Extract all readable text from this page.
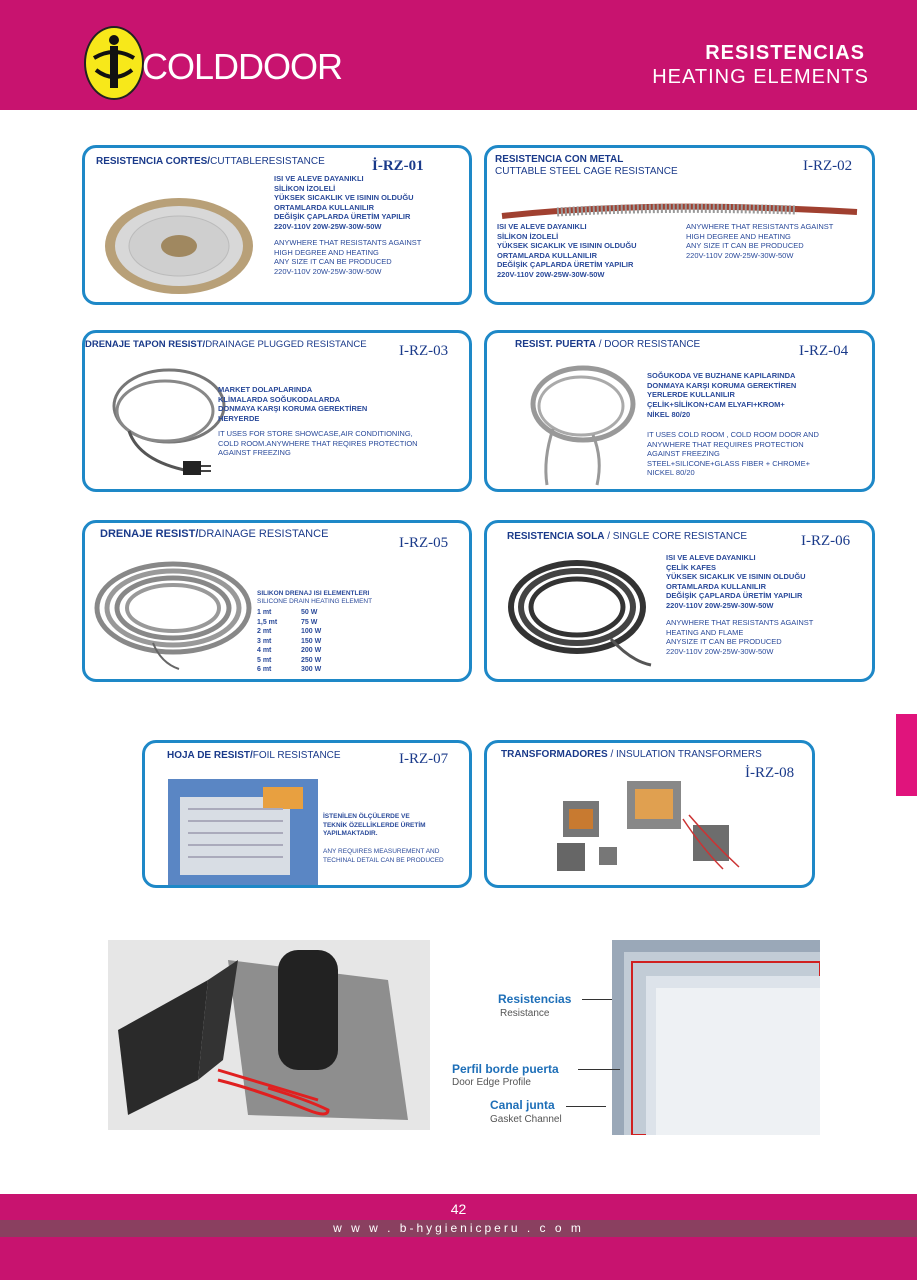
COLDDOOR	RESISTENCIAS
HEATING ELEMENTS
RESISTENCIA CORTES/CUTTABLERESISTANCE	İ-RZ-01
ISI VE ALEVE DAYANIKLI
SİLİKON İZOLELİ
YÜKSEK SICAKLIK VE ISININ OLDUĞU
ORTAMLARDA KULLANILIR
DEĞİŞİK ÇAPLARDA ÜRETİM YAPILIR
220V-110V 20W-25W-30W-50W
ANYWHERE THAT RESISTANTS AGAINST
HIGH DEGREE AND HEATING
ANY SIZE IT CAN BE PRODUCED
220V-110V 20W-25W-30W-50W
RESISTENCIA CON METAL
CUTTABLE STEEL CAGE RESISTANCE	I-RZ-02
ISI VE ALEVE DAYANIKLI
SİLİKON İZOLELİ
YÜKSEK SICAKLIK VE ISININ OLDUĞU
ORTAMLARDA KULLANILIR
DEĞİŞİK ÇAPLARDA ÜRETİM YAPILIR
220V-110V 20W-25W-30W-50W
ANYWHERE THAT RESISTANTS AGAINST
HIGH DEGREE AND HEATING
ANY SIZE IT CAN BE PRODUCED
220V-110V 20W-25W-30W-50W
DRENAJE TAPON RESIST/DRAINAGE PLUGGED RESISTANCE I-RZ-03
MARKET DOLAPLARINDA
KLİMALARDA SOĞUKODALARDA
DONMAYA KARŞI KORUMA GEREKTİREN
HERYERDE
IT USES FOR STORE SHOWCASE,AIR CONDITIONING,
COLD ROOM.ANYWHERE THAT REQIRES PROTECTION
AGAINST FREEZING
RESIST. PUERTA / DOOR RESISTANCE	I-RZ-04
SOĞUKODA VE BUZHANE KAPILARINDA
DONMAYA KARŞI KORUMA GEREKTİREN
YERLERDE KULLANILIR
ÇELİK+SİLİKON+CAM ELYAFI+KROM+
NİKEL 80/20
IT USES COLD ROOM , COLD ROOM DOOR AND
ANYWHERE THAT REQUIRES PROTECTION
AGAINST FREEZING
STEEL+SILICONE+GLASS FIBER + CHROME+
NICKEL 80/20
DRENAJE RESIST/DRAINAGE RESISTANCE
I-RZ-05
SILIKON DRENAJ ISI ELEMENTLERI
SILICONE DRAIN HEATING ELEMENT
1 mt	50 W
1,5 mt	75 W
2 mt	100 W
3 mt	150 W
4 mt	200 W
5 mt	250 W
6 mt	300 W
RESISTENCIA SOLA / SINGLE CORE RESISTANCE	I-RZ-06
ISI VE ALEVE DAYANIKLI
ÇELİK KAFES
YÜKSEK SICAKLIK VE ISININ OLDUĞU
ORTAMLARDA KULLANILIR
DEĞİŞİK ÇAPLARDA ÜRETİM YAPILIR
220V-110V 20W-25W-30W-50W
ANYWHERE THAT RESISTANTS AGAINST
HEATING AND FLAME
ANYSIZE IT CAN BE PRODUCED
220V-110V 20W-25W-30W-50W
HOJA DE RESIST/FOIL RESISTANCE	I-RZ-07
İSTENİLEN ÖLÇÜLERDE VE
TEKNİK ÖZELLİKLERDE ÜRETİM
YAPILMAKTADIR.
ANY REQUIRES MEASUREMENT AND
TECHINAL DETAIL CAN BE PRODUCED
TRANSFORMADORES / INSULATION TRANSFORMERS
İ-RZ-08
Resistencias
Resistance
Perfil borde puerta
Door Edge Profile
Canal junta
Gasket Channel
42
w w w . b-hygienicperu . c o m
